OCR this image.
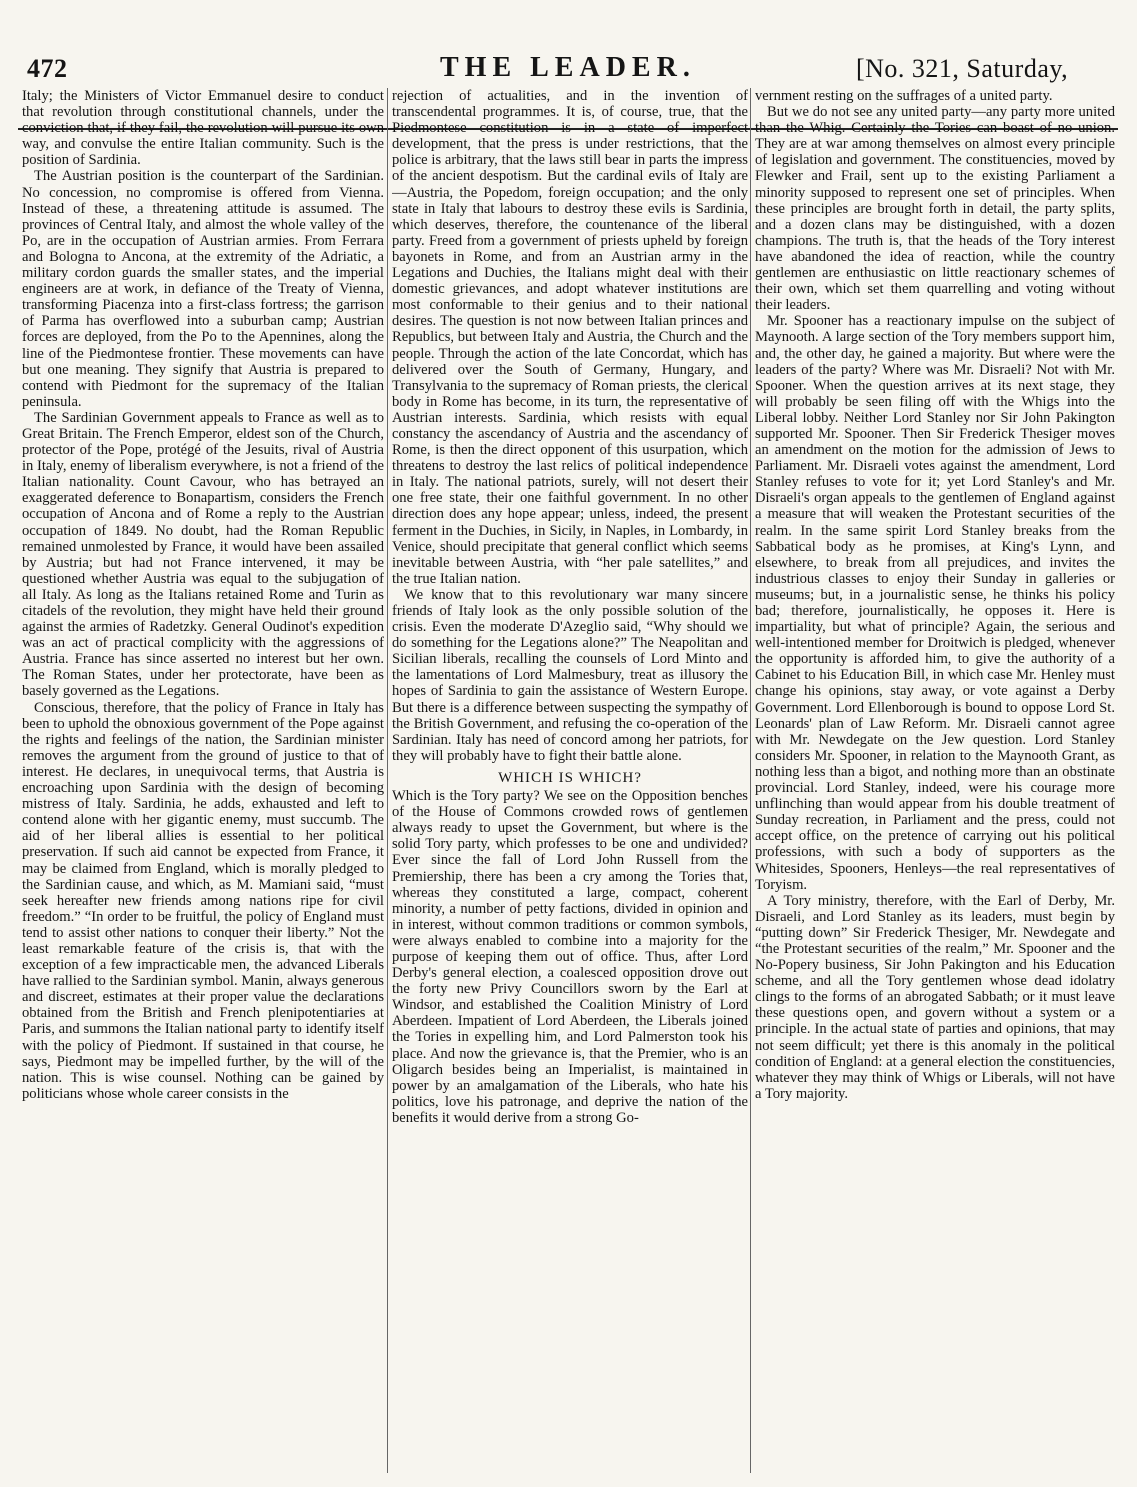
472	THE LEADER.	[No. 321, Saturday,

Italy; the Ministers of Victor Emmanuel desire to conduct that revolution through constitutional channels, under the conviction that, if they fail, the revolution will pursue its own way, and convulse the entire Italian community. Such is the position of Sardinia.

The Austrian position is the counterpart of the Sardinian. No concession, no compromise is offered from Vienna. Instead of these, a threatening attitude is assumed. The provinces of Central Italy, and almost the whole valley of the Po, are in the occupation of Austrian armies. From Ferrara and Bologna to Ancona, at the extremity of the Adriatic, a military cordon guards the smaller states, and the imperial engineers are at work, in defiance of the Treaty of Vienna, transforming Piacenza into a first-class fortress; the garrison of Parma has overflowed into a suburban camp; Austrian forces are deployed, from the Po to the Apennines, along the line of the Piedmontese frontier. These movements can have but one meaning. They signify that Austria is prepared to contend with Piedmont for the supremacy of the Italian peninsula.

The Sardinian Government appeals to France as well as to Great Britain. The French Emperor, eldest son of the Church, protector of the Pope, protégé of the Jesuits, rival of Austria in Italy, enemy of liberalism everywhere, is not a friend of the Italian nationality. Count Cavour, who has betrayed an exaggerated deference to Bonapartism, considers the French occupation of Ancona and of Rome a reply to the Austrian occupation of 1849. No doubt, had the Roman Republic remained unmolested by France, it would have been assailed by Austria; but had not France intervened, it may be questioned whether Austria was equal to the subjugation of all Italy. As long as the Italians retained Rome and Turin as citadels of the revolution, they might have held their ground against the armies of Radetzky. General Oudinot's expedition was an act of practical complicity with the aggressions of Austria. France has since asserted no interest but her own. The Roman States, under her protectorate, have been as basely governed as the Legations.

Conscious, therefore, that the policy of France in Italy has been to uphold the obnoxious government of the Pope against the rights and feelings of the nation, the Sardinian minister removes the argument from the ground of justice to that of interest. He declares, in unequivocal terms, that Austria is encroaching upon Sardinia with the design of becoming mistress of Italy. Sardinia, he adds, exhausted and left to contend alone with her gigantic enemy, must succumb. The aid of her liberal allies is essential to her political preservation. If such aid cannot be expected from France, it may be claimed from England, which is morally pledged to the Sardinian cause, and which, as M. Mamiani said, “must seek hereafter new friends among nations ripe for civil freedom.” “In order to be fruitful, the policy of England must tend to assist other nations to conquer their liberty.” Not the least remarkable feature of the crisis is, that with the exception of a few impracticable men, the advanced Liberals have rallied to the Sardinian symbol. Manin, always generous and discreet, estimates at their proper value the declarations obtained from the British and French plenipotentiaries at Paris, and summons the Italian national party to identify itself with the policy of Piedmont. If sustained in that course, he says, Piedmont may be impelled further, by the will of the nation. This is wise counsel. Nothing can be gained by politicians whose whole career consists in the

rejection of actualities, and in the invention of transcendental programmes. It is, of course, true, that the Piedmontese constitution is in a state of imperfect development, that the press is under restrictions, that the police is arbitrary, that the laws still bear in parts the impress of the ancient despotism. But the cardinal evils of Italy are—Austria, the Popedom, foreign occupation; and the only state in Italy that labours to destroy these evils is Sardinia, which deserves, therefore, the countenance of the liberal party. Freed from a government of priests upheld by foreign bayonets in Rome, and from an Austrian army in the Legations and Duchies, the Italians might deal with their domestic grievances, and adopt whatever institutions are most conformable to their genius and to their national desires. The question is not now between Italian princes and Republics, but between Italy and Austria, the Church and the people. Through the action of the late Concordat, which has delivered over the South of Germany, Hungary, and Transylvania to the supremacy of Roman priests, the clerical body in Rome has become, in its turn, the representative of Austrian interests. Sardinia, which resists with equal constancy the ascendancy of Austria and the ascendancy of Rome, is then the direct opponent of this usurpation, which threatens to destroy the last relics of political independence in Italy. The national patriots, surely, will not desert their one free state, their one faithful government. In no other direction does any hope appear; unless, indeed, the present ferment in the Duchies, in Sicily, in Naples, in Lombardy, in Venice, should precipitate that general conflict which seems inevitable between Austria, with “her pale satellites,” and the true Italian nation.

We know that to this revolutionary war many sincere friends of Italy look as the only possible solution of the crisis. Even the moderate D'Azeglio said, “Why should we do something for the Legations alone?” The Neapolitan and Sicilian liberals, recalling the counsels of Lord Minto and the lamentations of Lord Malmesbury, treat as illusory the hopes of Sardinia to gain the assistance of Western Europe. But there is a difference between suspecting the sympathy of the British Government, and refusing the co-operation of the Sardinian. Italy has need of concord among her patriots, for they will probably have to fight their battle alone.

WHICH IS WHICH?

Which is the Tory party? We see on the Opposition benches of the House of Commons crowded rows of gentlemen always ready to upset the Government, but where is the solid Tory party, which professes to be one and undivided? Ever since the fall of Lord John Russell from the Premiership, there has been a cry among the Tories that, whereas they constituted a large, compact, coherent minority, a number of petty factions, divided in opinion and in interest, without common traditions or common symbols, were always enabled to combine into a majority for the purpose of keeping them out of office. Thus, after Lord Derby's general election, a coalesced opposition drove out the forty new Privy Councillors sworn by the Earl at Windsor, and established the Coalition Ministry of Lord Aberdeen. Impatient of Lord Aberdeen, the Liberals joined the Tories in expelling him, and Lord Palmerston took his place. And now the grievance is, that the Premier, who is an Oligarch besides being an Imperialist, is maintained in power by an amalgamation of the Liberals, who hate his politics, love his patronage, and deprive the nation of the benefits it would derive from a strong Go-

vernment resting on the suffrages of a united party.

But we do not see any united party—any party more united than the Whig. Certainly the Tories can boast of no union. They are at war among themselves on almost every principle of legislation and government. The constituencies, moved by Flewker and Frail, sent up to the existing Parliament a minority supposed to represent one set of principles. When these principles are brought forth in detail, the party splits, and a dozen clans may be distinguished, with a dozen champions. The truth is, that the heads of the Tory interest have abandoned the idea of reaction, while the country gentlemen are enthusiastic on little reactionary schemes of their own, which set them quarrelling and voting without their leaders.

Mr. Spooner has a reactionary impulse on the subject of Maynooth. A large section of the Tory members support him, and, the other day, he gained a majority. But where were the leaders of the party? Where was Mr. Disraeli? Not with Mr. Spooner. When the question arrives at its next stage, they will probably be seen filing off with the Whigs into the Liberal lobby. Neither Lord Stanley nor Sir John Pakington supported Mr. Spooner. Then Sir Frederick Thesiger moves an amendment on the motion for the admission of Jews to Parliament. Mr. Disraeli votes against the amendment, Lord Stanley refuses to vote for it; yet Lord Stanley's and Mr. Disraeli's organ appeals to the gentlemen of England against a measure that will weaken the Protestant securities of the realm. In the same spirit Lord Stanley breaks from the Sabbatical body as he promises, at King's Lynn, and elsewhere, to break from all prejudices, and invites the industrious classes to enjoy their Sunday in galleries or museums; but, in a journalistic sense, he thinks his policy bad; therefore, journalistically, he opposes it. Here is impartiality, but what of principle? Again, the serious and well-intentioned member for Droitwich is pledged, whenever the opportunity is afforded him, to give the authority of a Cabinet to his Education Bill, in which case Mr. Henley must change his opinions, stay away, or vote against a Derby Government. Lord Ellenborough is bound to oppose Lord St. Leonards' plan of Law Reform. Mr. Disraeli cannot agree with Mr. Newdegate on the Jew question. Lord Stanley considers Mr. Spooner, in relation to the Maynooth Grant, as nothing less than a bigot, and nothing more than an obstinate provincial. Lord Stanley, indeed, were his courage more unflinching than would appear from his double treatment of Sunday recreation, in Parliament and the press, could not accept office, on the pretence of carrying out his political professions, with such a body of supporters as the Whitesides, Spooners, Henleys—the real representatives of Toryism.

A Tory ministry, therefore, with the Earl of Derby, Mr. Disraeli, and Lord Stanley as its leaders, must begin by “putting down” Sir Frederick Thesiger, Mr. Newdegate and “the Protestant securities of the realm,” Mr. Spooner and the No-Popery business, Sir John Pakington and his Education scheme, and all the Tory gentlemen whose dead idolatry clings to the forms of an abrogated Sabbath; or it must leave these questions open, and govern without a system or a principle. In the actual state of parties and opinions, that may not seem difficult; yet there is this anomaly in the political condition of England: at a general election the constituencies, whatever they may think of Whigs or Liberals, will not have a Tory majority.
